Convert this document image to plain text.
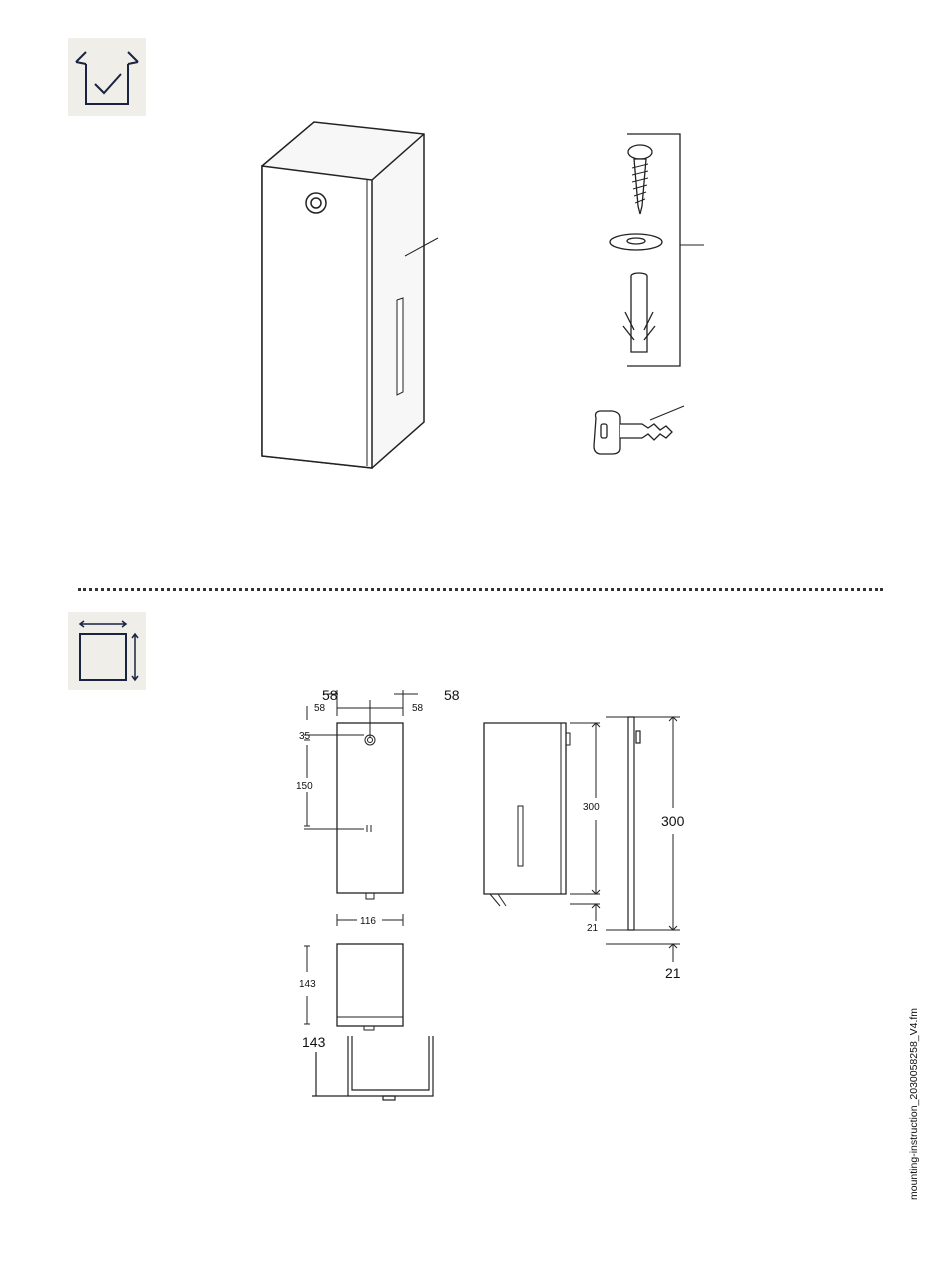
58	58
58	58
35
150
116
143
143
300
300
21
21
mounting-instruction_2030058258_V4.fm
